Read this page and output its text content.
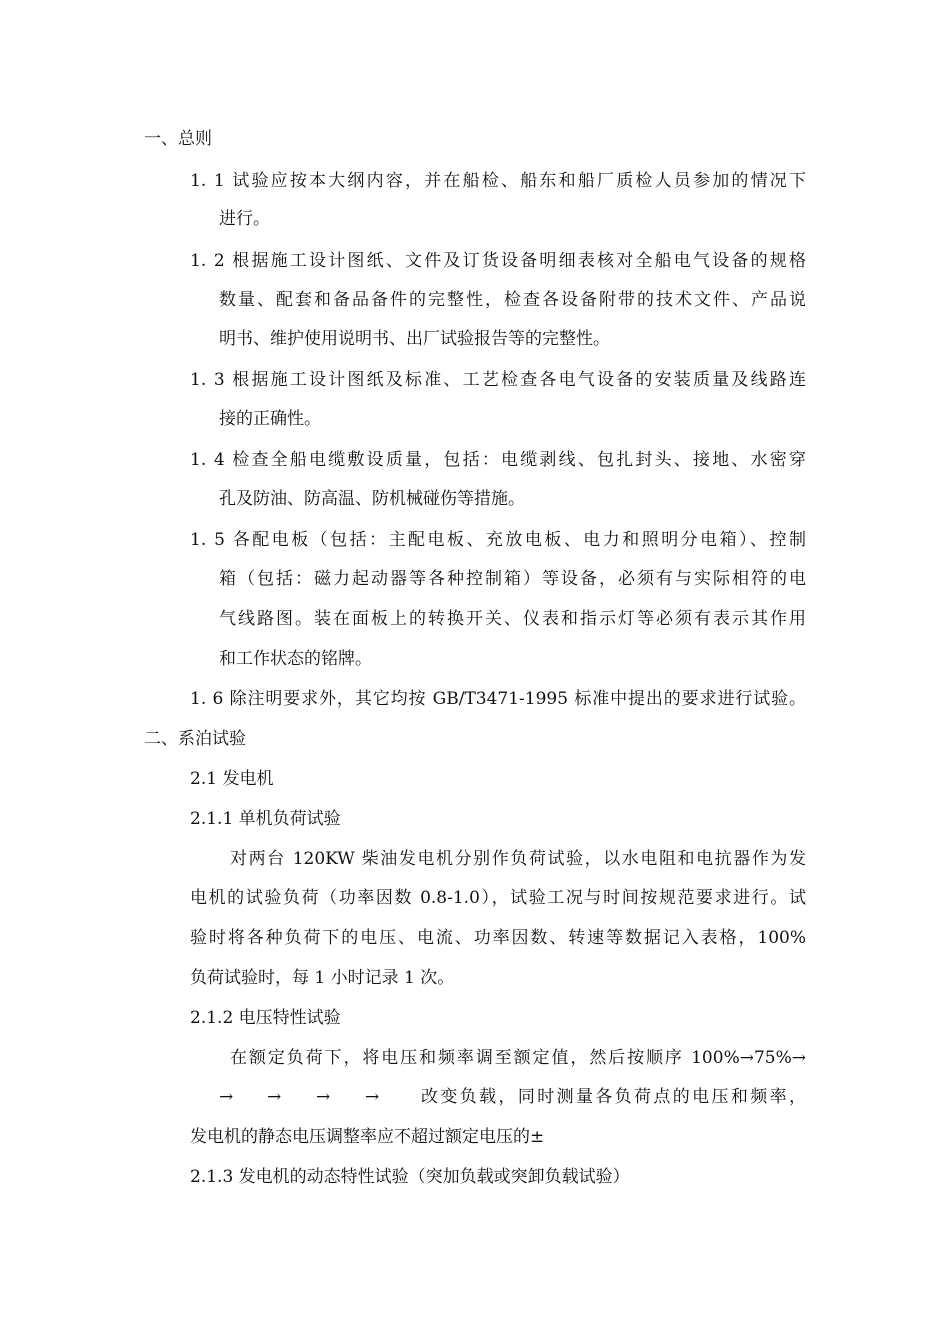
一、总则
1. 1 试验应按本大纲内容，并在船检、船东和船厂质检人员参加的情况下
进行。
1. 2 根据施工设计图纸、文件及订货设备明细表核对全船电气设备的规格
数量、配套和备品备件的完整性，检查各设备附带的技术文件、产品说
明书、维护使用说明书、出厂试验报告等的完整性。
1. 3 根据施工设计图纸及标准、工艺检查各电气设备的安装质量及线路连
接的正确性。
1. 4 检查全船电缆敷设质量，包括：电缆剥线、包扎封头、接地、水密穿
孔及防油、防高温、防机械碰伤等措施。
1. 5 各配电板（包括：主配电板、充放电板、电力和照明分电箱）、控制
箱（包括：磁力起动器等各种控制箱）等设备，必须有与实际相符的电
气线路图。装在面板上的转换开关、仪表和指示灯等必须有表示其作用
和工作状态的铭牌。
1. 6 除注明要求外，其它均按 GB/T3471-1995 标准中提出的要求进行试验。
二、系泊试验
2.1 发电机
2.1.1 单机负荷试验
对两台 120KW 柴油发电机分别作负荷试验，以水电阻和电抗器作为发
电机的试验负荷（功率因数 0.8-1.0），试验工况与时间按规范要求进行。试
验时将各种负荷下的电压、电流、功率因数、转速等数据记入表格，100%
负荷试验时，每 1 小时记录 1 次。
2.1.2 电压特性试验
在额定负荷下，将电压和频率调至额定值，然后按顺序 100%→75%→
→ → → → 改变负载，同时测量各负荷点的电压和频率，
发电机的静态电压调整率应不超过额定电压的±
2.1.3 发电机的动态特性试验（突加负载或突卸负载试验）
